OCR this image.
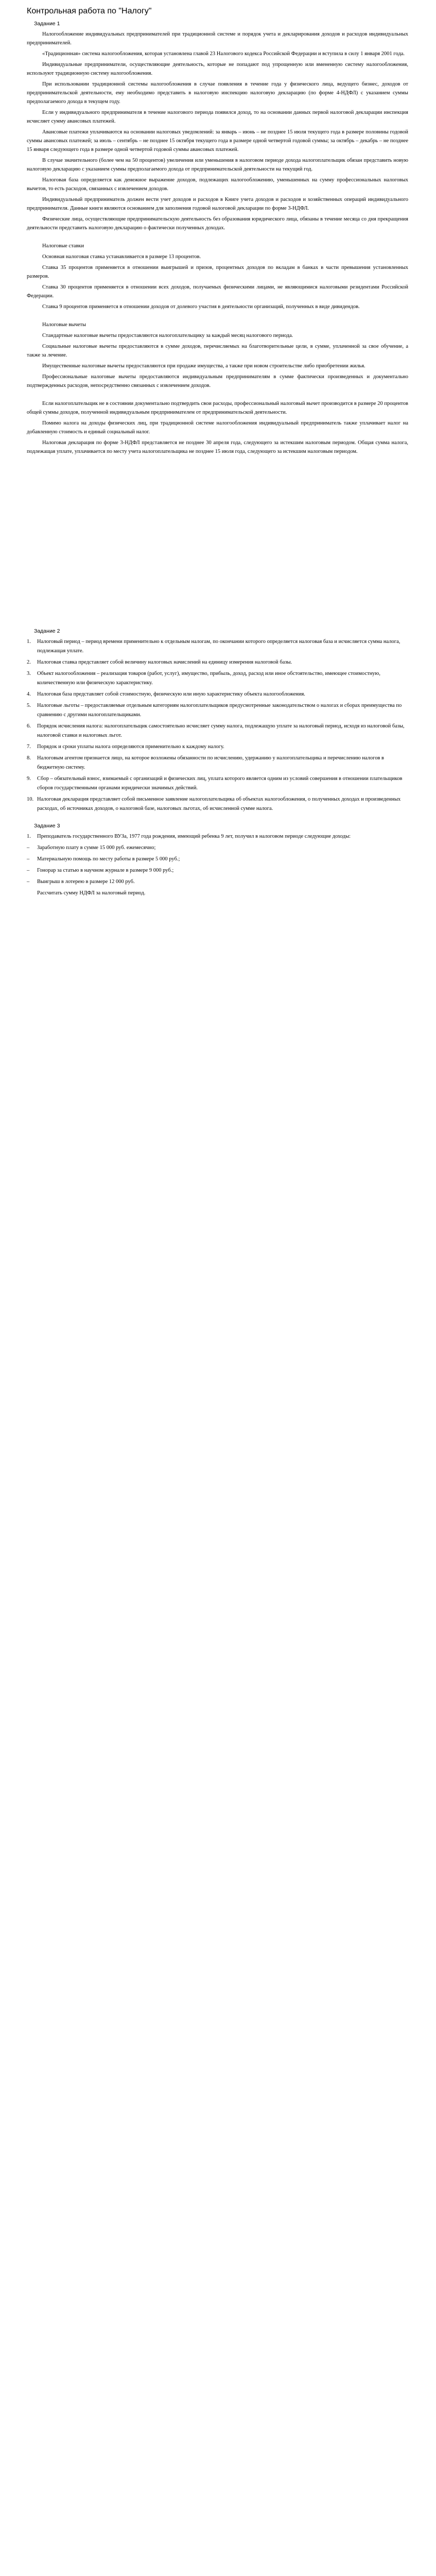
Контрольная работа по "Налогу"
Задание 1
Налогообложение индивидуальных предпринимателей при традиционной системе и порядок учета и декларирования доходов и расходов индивидуальных предпринимателей.
«Традиционная» система налогообложения, которая установлена главой 23 Налогового кодекса Российской Федерации и вступила в силу 1 января 2001 года.
Индивидуальные предприниматели, осуществляющие деятельность, которые не попадают под упрощенную или вмененную систему налогообложения, используют традиционную систему налогообложения.
При использовании традиционной системы налогообложения в случае появления в течение года у физического лица, ведущего бизнес, доходов от предпринимательской деятельности, ему необходимо представить в налоговую инспекцию налоговую декларацию (по форме 4-НДФЛ) с указанием суммы предполагаемого дохода в текущем году.
Если у индивидуального предпринимателя в течение налогового периода появился доход, то на основании данных первой налоговой декларации инспекция исчисляет сумму авансовых платежей.
Авансовые платежи уплачиваются на основании налоговых уведомлений: за январь – июнь – не позднее 15 июля текущего года в размере половины годовой суммы авансовых платежей; за июль – сентябрь – не позднее 15 октября текущего года в размере одной четвертой годовой суммы; за октябрь – декабрь – не позднее 15 января следующего года в размере одной четвертой годовой суммы авансовых платежей.
В случае значительного (более чем на 50 процентов) увеличения или уменьшения в налоговом периоде дохода налогоплательщик обязан представить новую налоговую декларацию с указанием суммы предполагаемого дохода от предпринимательской деятельности на текущий год.
Налоговая база определяется как денежное выражение доходов, подлежащих налогообложению, уменьшенных на сумму профессиональных налоговых вычетов, то есть расходов, связанных с извлечением доходов.
Индивидуальный предприниматель должен вести учет доходов и расходов в Книге учета доходов и расходов и хозяйственных операций индивидуального предпринимателя. Данные книги являются основанием для заполнения годовой налоговой декларации по форме 3-НДФЛ.
Физические лица, осуществляющие предпринимательскую деятельность без образования юридического лица, обязаны в течение месяца со дня прекращения деятельности представить налоговую декларацию о фактически полученных доходах.
Налоговые ставки
Основная налоговая ставка устанавливается в размере 13 процентов.
Ставка 35 процентов применяется в отношении выигрышей и призов, процентных доходов по вкладам в банках в части превышения установленных размеров.
Ставка 30 процентов применяется в отношении всех доходов, получаемых физическими лицами, не являющимися налоговыми резидентами Российской Федерации.
Ставка 9 процентов применяется в отношении доходов от долевого участия в деятельности организаций, полученных в виде дивидендов.
Налоговые вычеты
Стандартные налоговые вычеты предоставляются налогоплательщику за каждый месяц налогового периода.
Социальные налоговые вычеты предоставляются в сумме доходов, перечисляемых на благотворительные цели, в сумме, уплаченной за свое обучение, а также за лечение.
Имущественные налоговые вычеты предоставляются при продаже имущества, а также при новом строительстве либо приобретении жилья.
Профессиональные налоговые вычеты предоставляются индивидуальным предпринимателям в сумме фактически произведенных и документально подтвержденных расходов, непосредственно связанных с извлечением доходов.
Если налогоплательщик не в состоянии документально подтвердить свои расходы, профессиональный налоговый вычет производится в размере 20 процентов общей суммы доходов, полученной индивидуальным предпринимателем от предпринимательской деятельности.
Помимо налога на доходы физических лиц, при традиционной системе налогообложения индивидуальный предприниматель также уплачивает налог на добавленную стоимость и единый социальный налог.
Налоговая декларация по форме 3-НДФЛ представляется не позднее 30 апреля года, следующего за истекшим налоговым периодом. Общая сумма налога, подлежащая уплате, уплачивается по месту учета налогоплательщика не позднее 15 июля года, следующего за истекшим налоговым периодом.
Задание 2
1. Налоговый период – период времени применительно к отдельным налогам, по окончании которого определяется налоговая база и исчисляется сумма налога, подлежащая уплате.
2. Налоговая ставка представляет собой величину налоговых начислений на единицу измерения налоговой базы.
3. Объект налогообложения – реализация товаров (работ, услуг), имущество, прибыль, доход, расход или иное обстоятельство, имеющее стоимостную, количественную или физическую характеристику.
4. Налоговая база представляет собой стоимостную, физическую или иную характеристику объекта налогообложения.
5. Налоговые льготы – предоставляемые отдельным категориям налогоплательщиков предусмотренные законодательством о налогах и сборах преимущества по сравнению с другими налогоплательщиками.
6. Порядок исчисления налога: налогоплательщик самостоятельно исчисляет сумму налога, подлежащую уплате за налоговый период, исходя из налоговой базы, налоговой ставки и налоговых льгот.
7. Порядок и сроки уплаты налога определяются применительно к каждому налогу.
8. Налоговым агентом признается лицо, на которое возложены обязанности по исчислению, удержанию у налогоплательщика и перечислению налогов в бюджетную систему.
9. Сбор – обязательный взнос, взимаемый с организаций и физических лиц, уплата которого является одним из условий совершения в отношении плательщиков сборов государственными органами юридически значимых действий.
10. Налоговая декларация представляет собой письменное заявление налогоплательщика об объектах налогообложения, о полученных доходах и произведенных расходах, об источниках доходов, о налоговой базе, налоговых льготах, об исчисленной сумме налога.
Задание 3
1. Преподаватель государственного ВУЗа, 1977 года рождения, имеющий ребенка 9 лет, получил в налоговом периоде следующие доходы:
– Заработную плату в сумме 15 000 руб. ежемесячно;
– Материальную помощь по месту работы в размере 5 000 руб.;
– Гонорар за статью в научном журнале в размере 9 000 руб.;
– Выигрыш в лотерею в размере 12 000 руб.
Рассчитать сумму НДФЛ за налоговый период.
